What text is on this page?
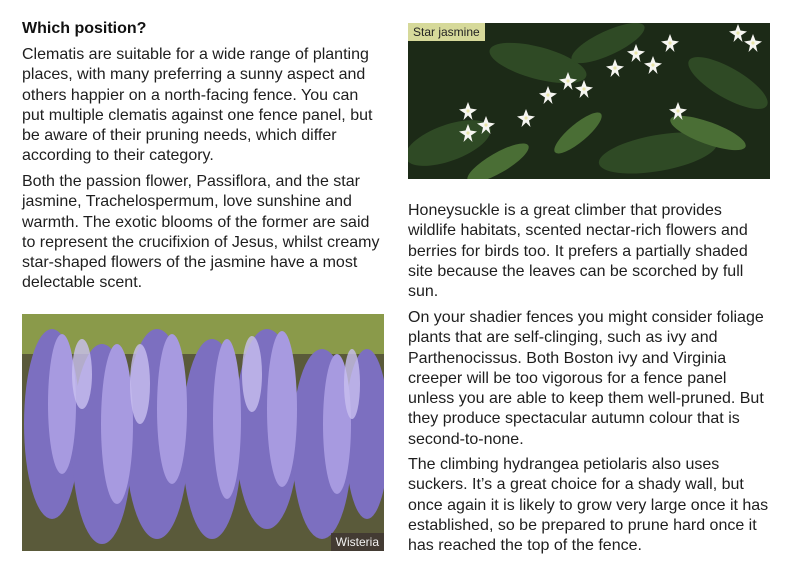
Which position?

Clematis are suitable for a wide range of planting places, with many preferring a sunny aspect and others happier on a north-facing fence. You can put multiple clematis against one fence panel, but be aware of their pruning needs, which differ according to their category.

Both the passion flower, Passiflora, and the star jasmine, Trachelospermum, love sunshine and warmth. The exotic blooms of the former are said to represent the crucifixion of Jesus, whilst creamy star-shaped flowers of the jasmine have a most delectable scent.

Star jasmine
Wisteria

Honeysuckle is a great climber that provides wildlife habitats, scented nectar-rich flowers and berries for birds too. It prefers a partially shaded site because the leaves can be scorched by full sun.

On your shadier fences you might consider foliage plants that are self-clinging, such as ivy and Parthenocissus. Both Boston ivy and Virginia creeper will be too vigorous for a fence panel unless you are able to keep them well-pruned. But they produce spectacular autumn colour that is second-to-none.

The climbing hydrangea petiolaris also uses suckers. It’s a great choice for a shady wall, but once again it is likely to grow very large once it has established, so be prepared to prune hard once it has reached the top of the fence.
